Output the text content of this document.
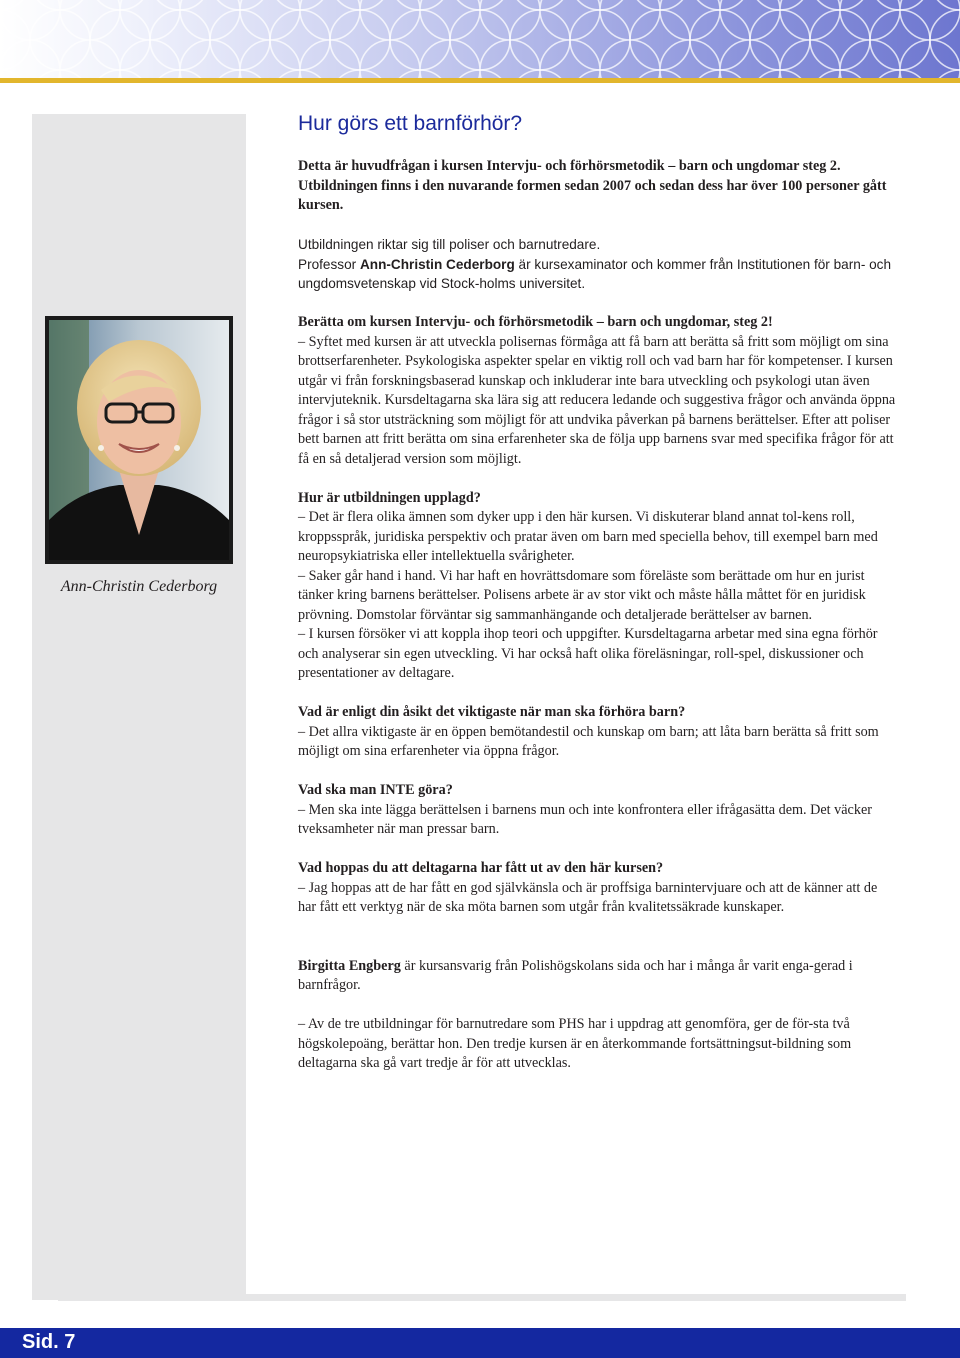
Ann-Christin Cederborg
Hur görs ett barnförhör?

Detta är huvudfrågan i kursen Intervju- och förhörsmetodik – barn och ungdomar steg 2. Utbildningen finns i den nuvarande formen sedan 2007 och sedan dess har över 100 personer gått kursen.

Utbildningen riktar sig till poliser och barnutredare.

Professor Ann-Christin Cederborg är kursexaminator och kommer från Institutionen för barn- och ungdomsvetenskap vid Stock-holms universitet.

Berätta om kursen Intervju- och förhörsmetodik – barn och ungdomar, steg 2!

– Syftet med kursen är att utveckla polisernas förmåga att få barn att berätta så fritt som möjligt om sina brottserfarenheter. Psykologiska aspekter spelar en viktig roll och vad barn har för kompetenser. I kursen utgår vi från forskningsbaserad kunskap och inkluderar inte bara utveckling och psykologi utan även intervjuteknik. Kursdeltagarna ska lära sig att reducera ledande och suggestiva frågor och använda öppna frågor i så stor utsträckning som möjligt för att undvika påverkan på barnens berättelser. Efter att poliser bett barnen att fritt berätta om sina erfarenheter ska de följa upp barnens svar med specifika frågor för att få en så detaljerad version som möjligt.

Hur är utbildningen upplagd?

– Det är flera olika ämnen som dyker upp i den här kursen. Vi diskuterar bland annat tol-kens roll, kroppsspråk, juridiska perspektiv och pratar även om barn med speciella behov, till exempel barn med neuropsykiatriska eller intellektuella svårigheter.
– Saker går hand i hand. Vi har haft en hovrättsdomare som föreläste som berättade om hur en jurist tänker kring barnens berättelser. Polisens arbete är av stor vikt och måste hålla måttet för en juridisk prövning. Domstolar förväntar sig sammanhängande och detaljerade berättelser av barnen.
– I kursen försöker vi att koppla ihop teori och uppgifter. Kursdeltagarna arbetar med sina egna förhör och analyserar sin egen utveckling. Vi har också haft olika föreläsningar, roll-spel, diskussioner och presentationer av deltagare.

Vad är enligt din åsikt det viktigaste när man ska förhöra barn?

– Det allra viktigaste är en öppen bemötandestil och kunskap om barn; att låta barn berätta så fritt som möjligt om sina erfarenheter via öppna frågor.

Vad ska man INTE göra?

– Men ska inte lägga berättelsen i barnens mun och inte konfrontera eller ifrågasätta dem. Det väcker tveksamheter när man pressar barn.

Vad hoppas du att deltagarna har fått ut av den här kursen?

– Jag hoppas att de har fått en god självkänsla och är proffsiga barnintervjuare och att de känner att de har fått ett verktyg när de ska möta barnen som utgår från kvalitetssäkrade kunskaper.

Birgitta Engberg är kursansvarig från Polishögskolans sida och har i många år varit enga-gerad i barnfrågor.

– Av de tre utbildningar för barnutredare som PHS har i uppdrag att genomföra, ger de för-sta två högskolepoäng, berättar hon. Den tredje kursen är en återkommande fortsättningsut-bildning som deltagarna ska gå vart tredje år för att utvecklas.

Sid. 7
